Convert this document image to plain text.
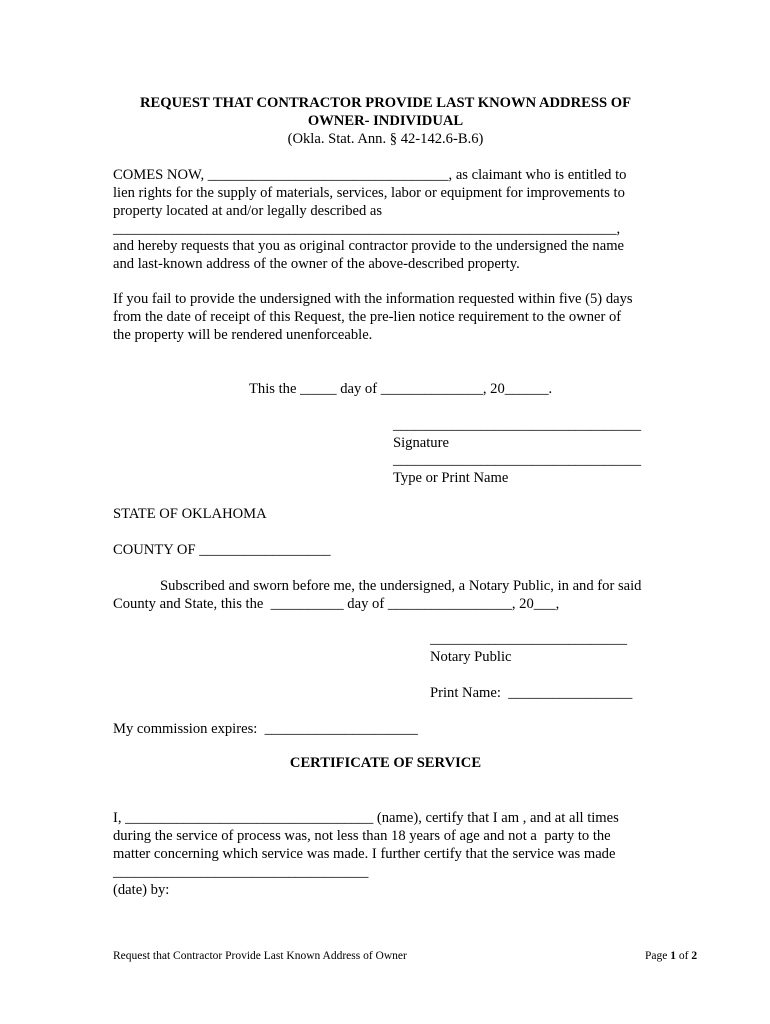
REQUEST THAT CONTRACTOR PROVIDE LAST KNOWN ADDRESS OF
OWNER- INDIVIDUAL
(Okla. Stat. Ann. § 42-142.6-B.6)
COMES NOW, _________________________________, as claimant who is entitled to
lien rights for the supply of materials, services, labor or equipment for improvements to
property located at and/or legally described as
_____________________________________________________________________,
and hereby requests that you as original contractor provide to the undersigned the name
and last-known address of the owner of the above-described property.
If you fail to provide the undersigned with the information requested within five (5) days
from the date of receipt of this Request, the pre-lien notice requirement to the owner of
the property will be rendered unenforceable.
This the _____ day of ______________, 20______.
__________________________________
Signature
__________________________________
Type or Print Name
STATE OF OKLAHOMA
COUNTY OF __________________
Subscribed and sworn before me, the undersigned, a Notary Public, in and for said
County and State, this the  __________ day of _________________, 20___,
___________________________
Notary Public
Print Name:  _________________
My commission expires:  _____________________
CERTIFICATE OF SERVICE
I, __________________________________ (name), certify that I am , and at all times
during the service of process was, not less than 18 years of age and not a  party to the
matter concerning which service was made. I further certify that the service was made
___________________________________
(date) by:
Request that Contractor Provide Last Known Address of Owner	Page 1 of 2
